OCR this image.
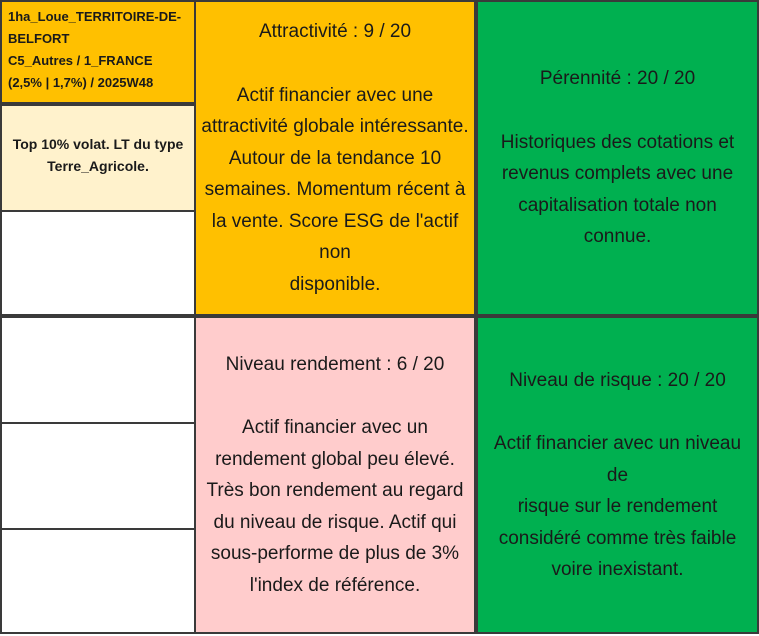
1ha_Loue_TERRITOIRE-DE-
BELFORT
C5_Autres / 1_FRANCE
(2,5% | 1,7%) / 2025W48
Top 10% volat. LT du type
Terre_Agricole.
Attractivité : 9 / 20
Actif financier avec une
attractivité globale intéressante.
Autour de la tendance 10
semaines. Momentum récent à
la vente. Score ESG de l'actif non
disponible.
Pérennité : 20 / 20
Historiques des cotations et
revenus complets avec une
capitalisation totale non
connue.
Niveau rendement : 6 / 20
Actif financier avec un
rendement global peu élevé.
Très bon rendement au regard
du niveau de risque. Actif qui
sous-performe de plus de 3%
l'index de référence.
Niveau de risque : 20 / 20
Actif financier avec un niveau de
risque sur le rendement
considéré comme très faible
voire inexistant.
